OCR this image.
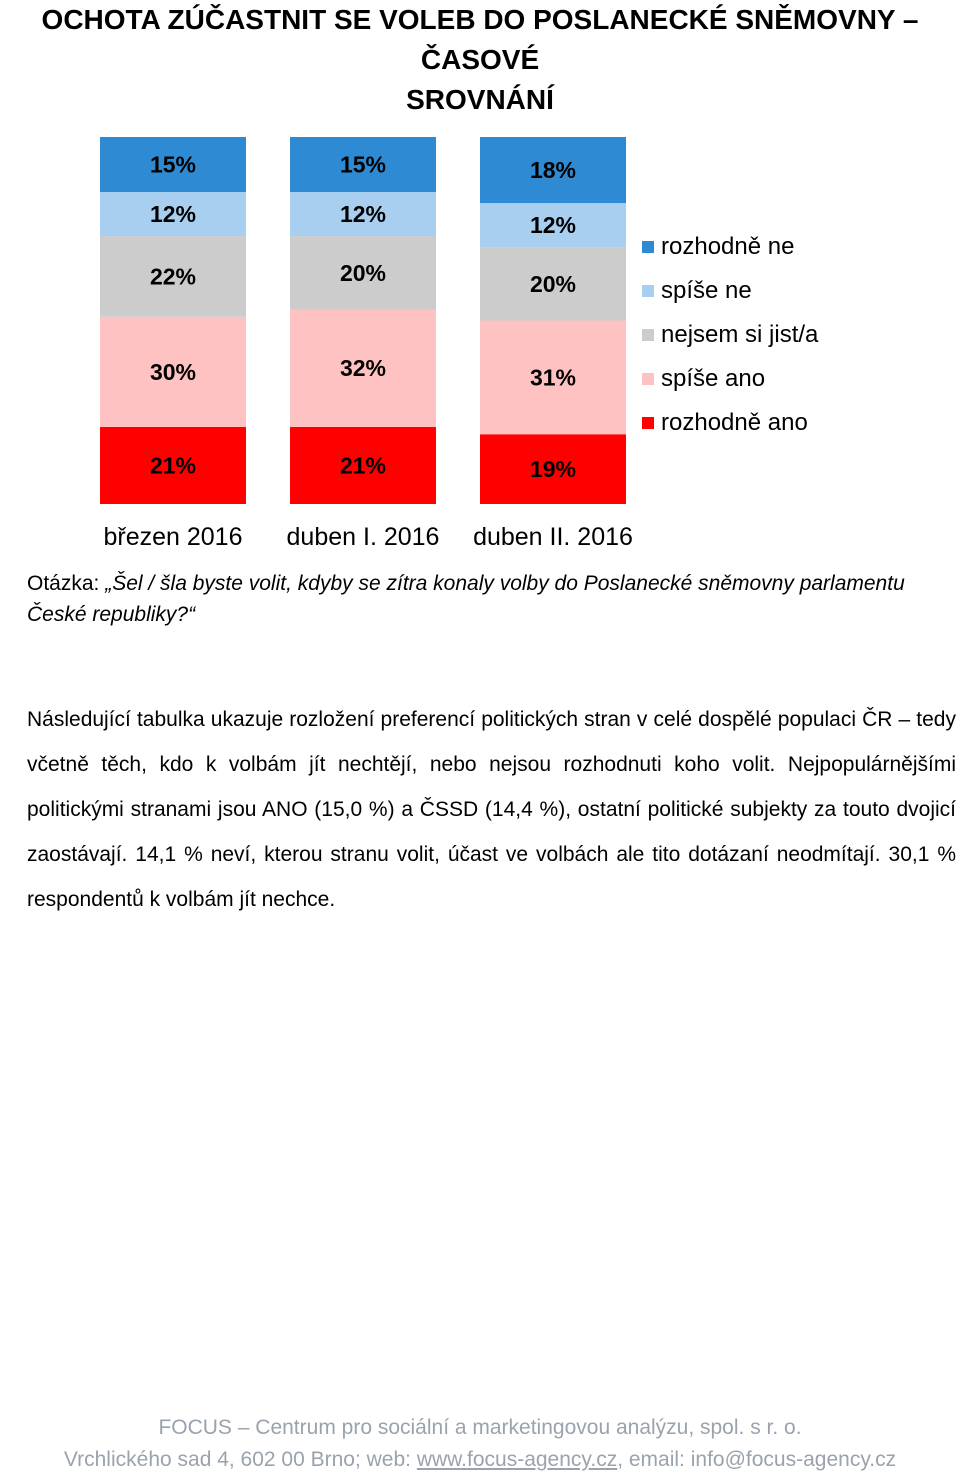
OCHOTA ZÚČASTNIT SE VOLEB DO POSLANECKÉ SNĚMOVNY – ČASOVÉ
SROVNÁNÍ
21%
30%
22%
12%
15%
březen 2016
21%
32%
20%
12%
15%
duben I. 2016
19%
31%
20%
12%
18%
duben II. 2016
rozhodně ne
spíše ne
nejsem si jist/a
spíše ano
rozhodně ano
Otázka: „Šel / šla byste volit, kdyby se zítra konaly volby do Poslanecké sněmovny parlamentu České republiky?“
Následující tabulka ukazuje rozložení preferencí politických stran v celé dospělé populaci ČR – tedy včetně těch, kdo k volbám jít nechtějí, nebo nejsou rozhodnuti koho volit. Nejpopulárnějšími politickými stranami jsou ANO (15,0 %) a ČSSD (14,4 %), ostatní politické subjekty za touto dvojicí zaostávají. 14,1 % neví, kterou stranu volit, účast ve volbách ale tito dotázaní neodmítají. 30,1 % respondentů k volbám jít nechce.
FOCUS – Centrum pro sociální a marketingovou analýzu, spol. s r. o.
Vrchlického sad 4, 602 00 Brno; web: www.focus-agency.cz, email: info@focus-agency.cz
